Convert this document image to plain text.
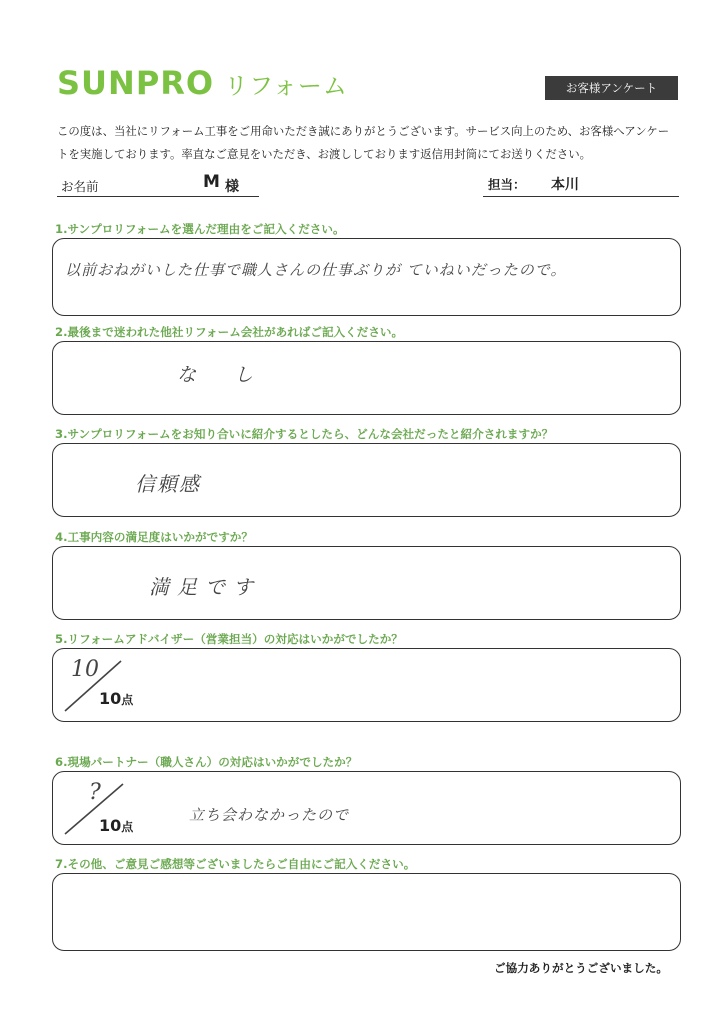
SUNPRO リフォーム	お客様アンケート

この度は、当社にリフォーム工事をご用命いただき誠にありがとうございます。サービス向上のため、お客様へアンケー

トを実施しております。率直なご意見をいただき、お渡ししております返信用封筒にてお送りください。

お名前	M 様	担当： 本川
1.サンプロリフォームを選んだ理由をご記入ください。
以前おねがいした仕事で職人さんの仕事ぶりが ていねいだったので。
2.最後まで迷われた他社リフォーム会社があればご記入ください。
なし
3.サンプロリフォームをお知り合いに紹介するとしたら、どんな会社だったと紹介されますか？
信頼感
4.工事内容の満足度はいかがですか？
満足です
5.リフォームアドバイザー（営業担当）の対応はいかがでしたか？
10
10点
6.現場パートナー（職人さん）の対応はいかがでしたか？
?
10点
立ち会わなかったので
7.その他、ご意見ご感想等ございましたらご自由にご記入ください。
ご協力ありがとうございました。
